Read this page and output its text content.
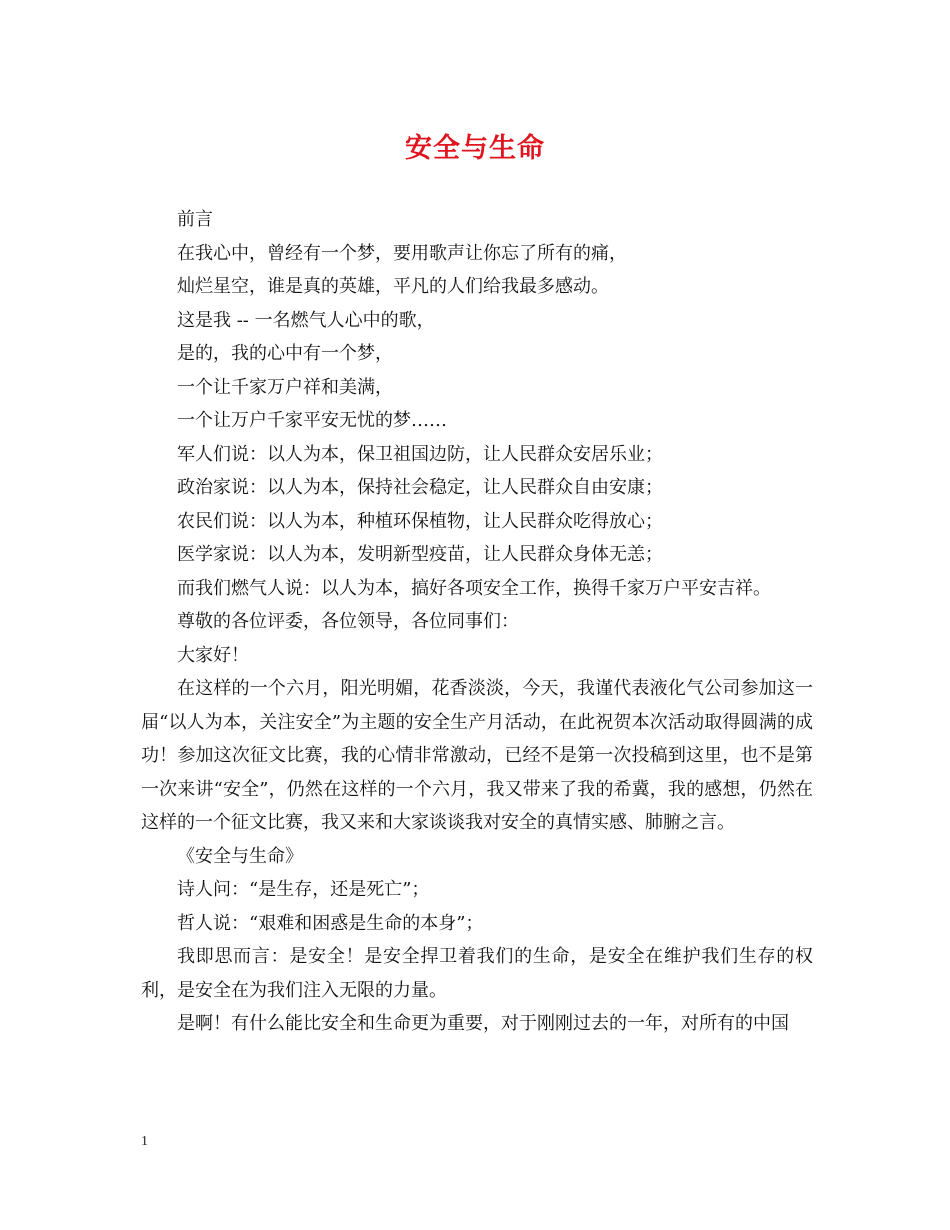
安全与生命

前言

在我心中，曾经有一个梦，要用歌声让你忘了所有的痛，

灿烂星空，谁是真的英雄，平凡的人们给我最多感动。

这是我 -- 一名燃气人心中的歌，

是的，我的心中有一个梦，

一个让千家万户祥和美满，

一个让万户千家平安无忧的梦……

军人们说：以人为本，保卫祖国边防，让人民群众安居乐业；

政治家说：以人为本，保持社会稳定，让人民群众自由安康；

农民们说：以人为本，种植环保植物，让人民群众吃得放心；

医学家说：以人为本，发明新型疫苗，让人民群众身体无恙；

而我们燃气人说：以人为本，搞好各项安全工作，换得千家万户平安吉祥。

尊敬的各位评委，各位领导，各位同事们：

大家好！

在这样的一个六月，阳光明媚，花香淡淡，今天，我谨代表液化气公司参加这一届“以人为本，关注安全”为主题的安全生产月活动，在此祝贺本次活动取得圆满的成功！参加这次征文比赛，我的心情非常激动，已经不是第一次投稿到这里，也不是第一次来讲“安全”，仍然在这样的一个六月，我又带来了我的希冀，我的感想，仍然在这样的一个征文比赛，我又来和大家谈谈我对安全的真情实感、肺腑之言。

《安全与生命》

诗人问：“是生存，还是死亡”；

哲人说：“艰难和困惑是生命的本身”；

我即思而言：是安全！是安全捍卫着我们的生命，是安全在维护我们生存的权利，是安全在为我们注入无限的力量。

是啊！有什么能比安全和生命更为重要，对于刚刚过去的一年，对所有的中国

1
